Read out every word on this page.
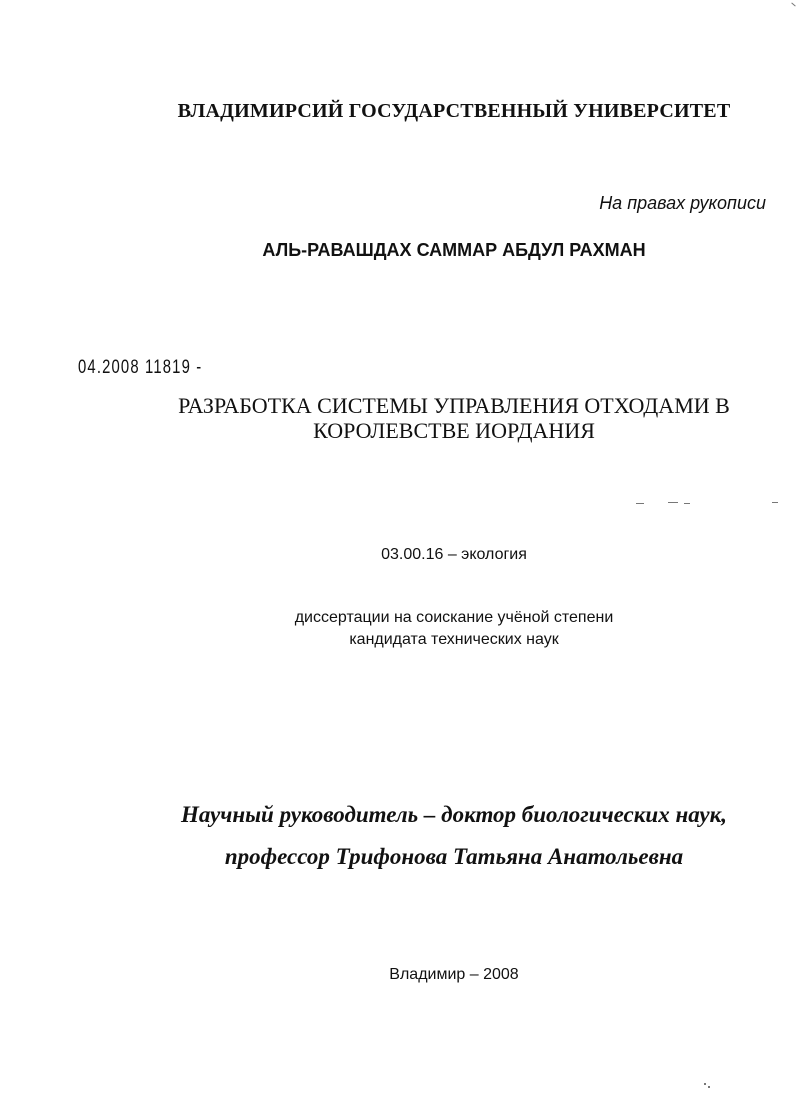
ВЛАДИМИРСИЙ ГОСУДАРСТВЕННЫЙ УНИВЕРСИТЕТ
На правах рукописи
АЛЬ-РАВАШДАХ САММАР АБДУЛ РАХМАН
04.2008 11819 -
РАЗРАБОТКА СИСТЕМЫ УПРАВЛЕНИЯ ОТХОДАМИ В
КОРОЛЕВСТВЕ ИОРДАНИЯ
03.00.16 – экология
диссертации на соискание учёной степени
кандидата технических наук
Научный руководитель – доктор биологических наук,
профессор Трифонова Татьяна Анатольевна
Владимир – 2008
